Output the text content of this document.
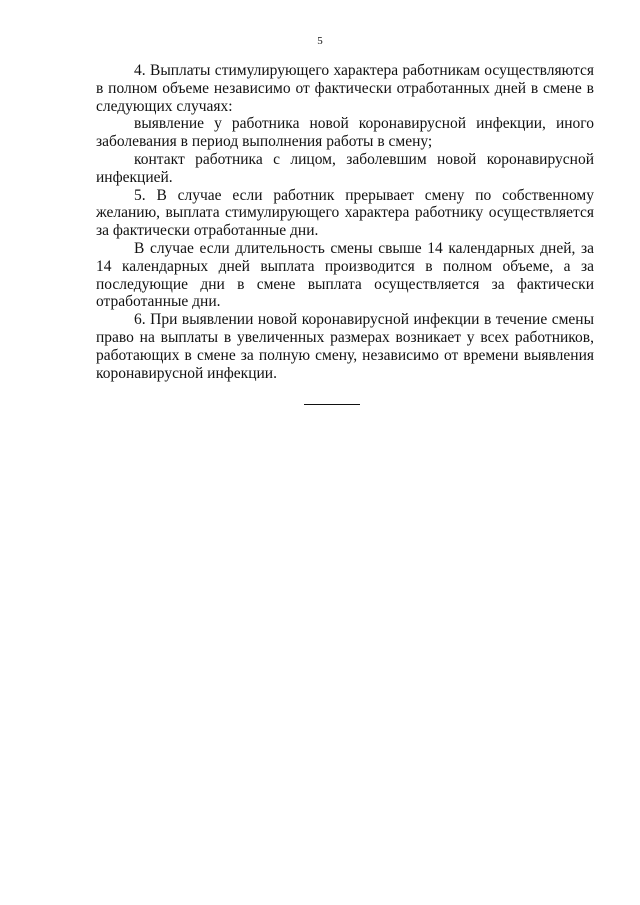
5

4. Выплаты стимулирующего характера работникам осуществляются в полном объеме независимо от фактически отработанных дней в смене в следующих случаях:

выявление у работника новой коронавирусной инфекции, иного заболевания в период выполнения работы в смену;

контакт работника с лицом, заболевшим новой коронавирусной инфекцией.

5. В случае если работник прерывает смену по собственному желанию, выплата стимулирующего характера работнику осуществляется за фактически отработанные дни.

В случае если длительность смены свыше 14 календарных дней, за 14 календарных дней выплата производится в полном объеме, а за последующие дни в смене выплата осуществляется за фактически отработанные дни.

6. При выявлении новой коронавирусной инфекции в течение смены право на выплаты в увеличенных размерах возникает у всех работников, работающих в смене за полную смену, независимо от времени выявления коронавирусной инфекции.
